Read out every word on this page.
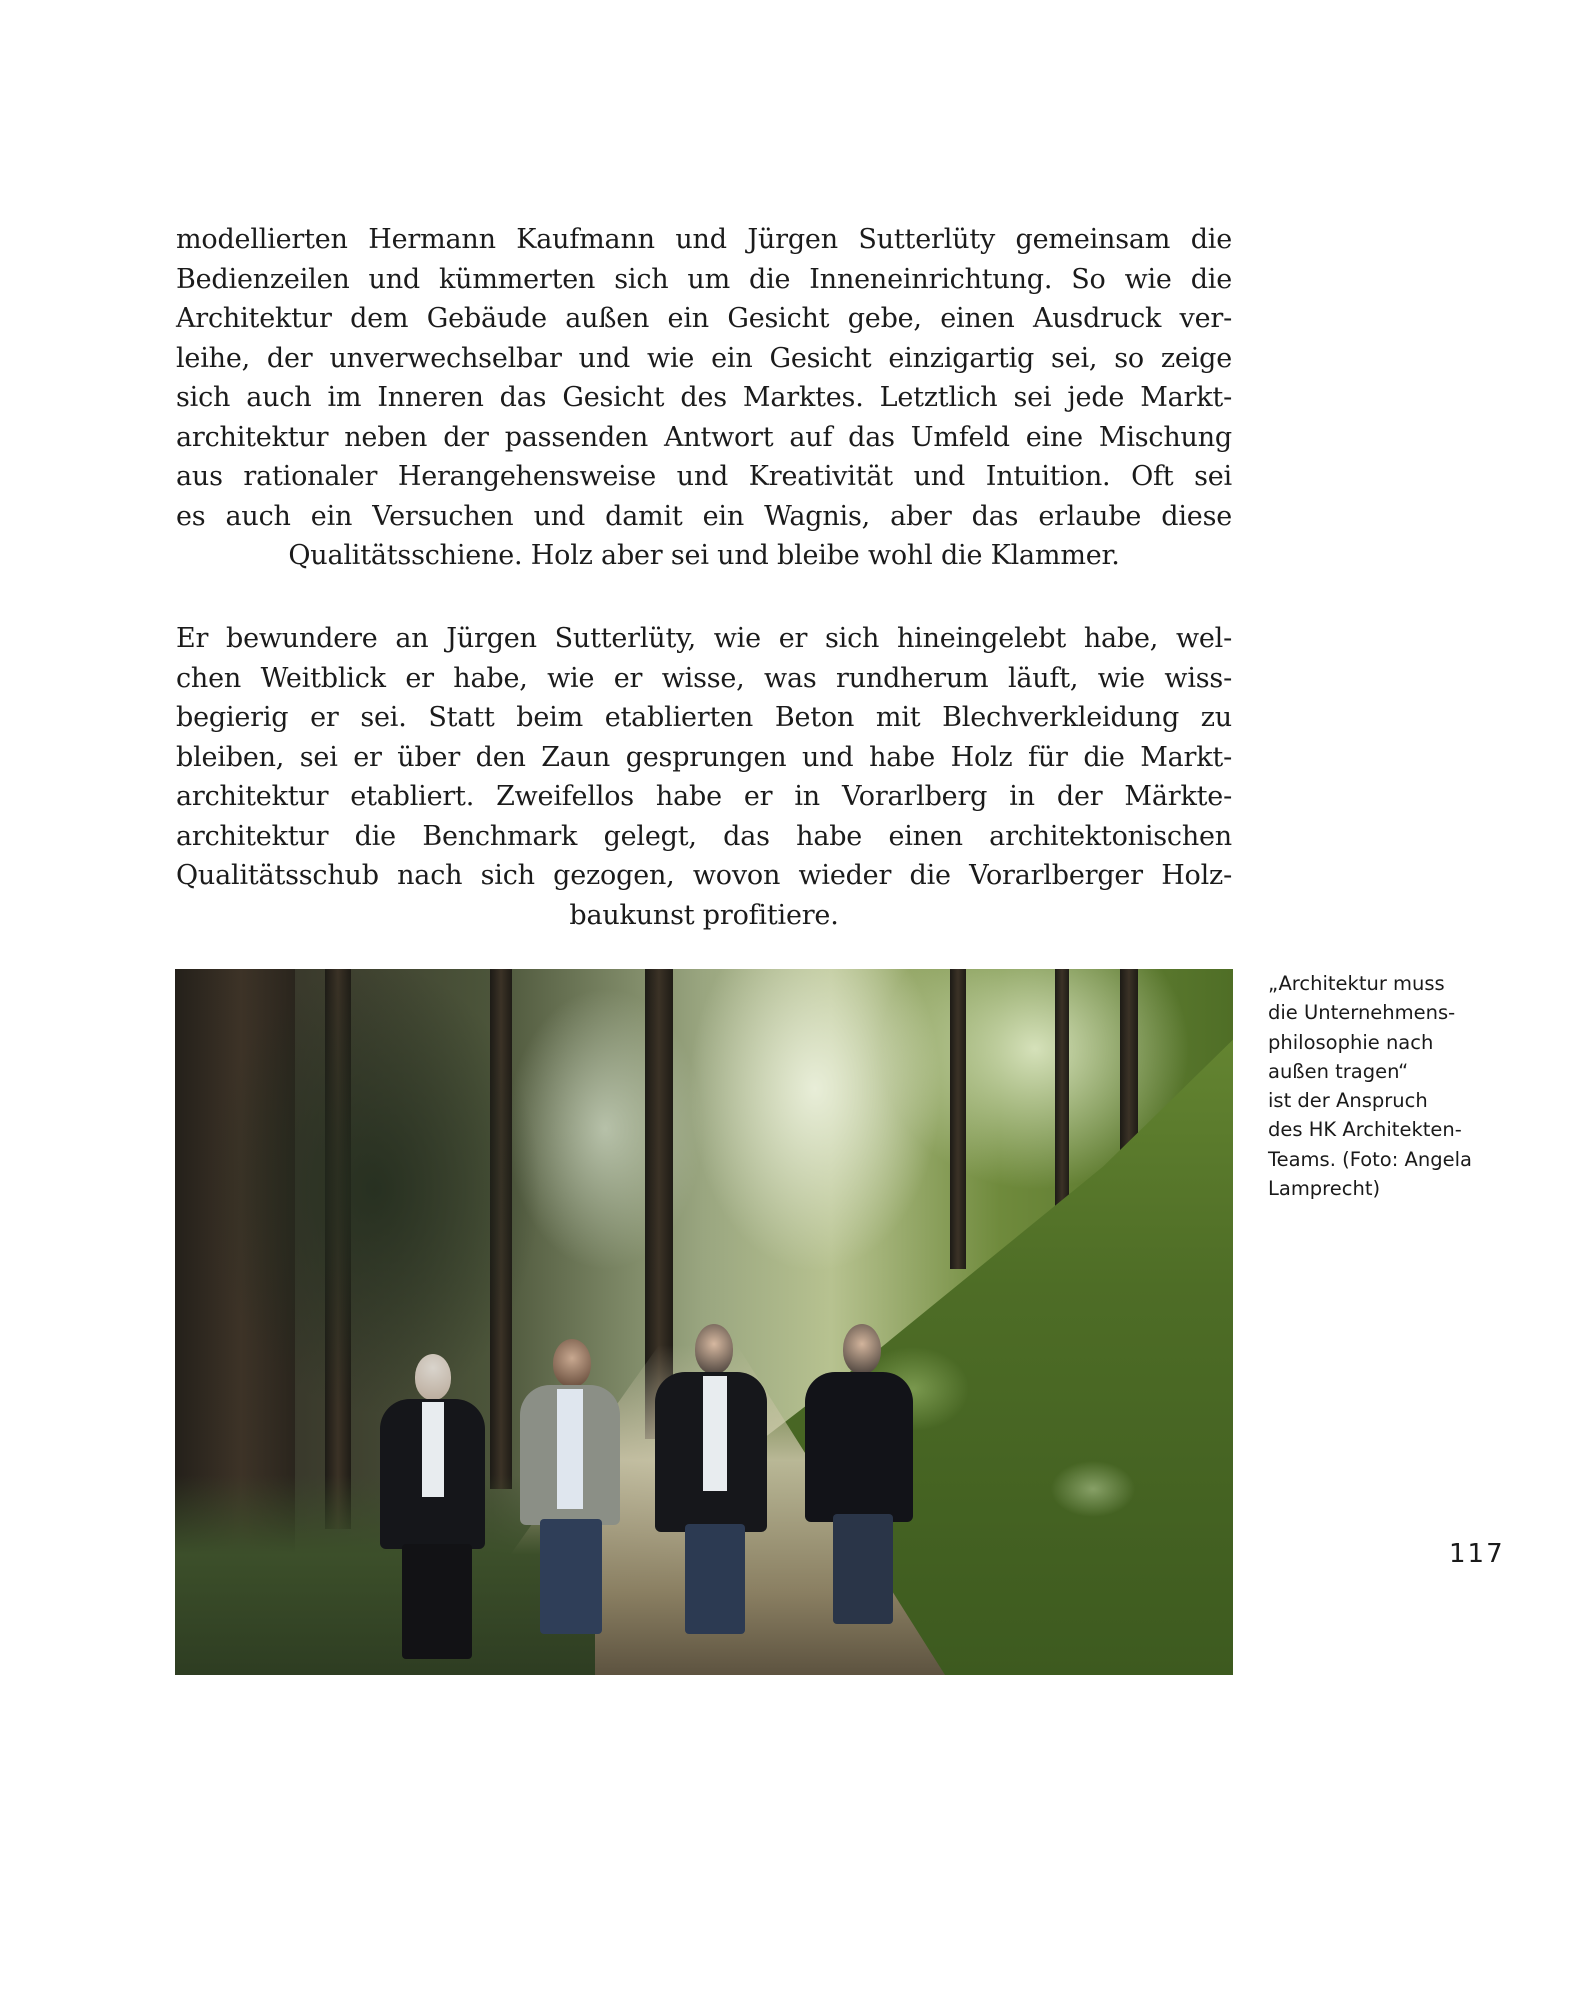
modellierten Hermann Kaufmann und Jürgen Sutterlüty gemeinsam die
Bedienzeilen und kümmerten sich um die Inneneinrichtung. So wie die
Architektur dem Gebäude außen ein Gesicht gebe, einen Ausdruck ver-
leihe, der unverwechselbar und wie ein Gesicht einzigartig sei, so zeige
sich auch im Inneren das Gesicht des Marktes. Letztlich sei jede Markt-
architektur neben der passenden Antwort auf das Umfeld eine Mischung
aus rationaler Herangehensweise und Kreativität und Intuition. Oft sei
es auch ein Versuchen und damit ein Wagnis, aber das erlaube diese
Qualitätsschiene. Holz aber sei und bleibe wohl die Klammer.
Er bewundere an Jürgen Sutterlüty, wie er sich hineingelebt habe, wel-
chen Weitblick er habe, wie er wisse, was rundherum läuft, wie wiss-
begierig er sei. Statt beim etablierten Beton mit Blechverkleidung zu
bleiben, sei er über den Zaun gesprungen und habe Holz für die Markt-
architektur etabliert. Zweifellos habe er in Vorarlberg in der Märkte-
architektur die Benchmark gelegt, das habe einen architektonischen
Qualitätsschub nach sich gezogen, wovon wieder die Vorarlberger Holz-
baukunst profitiere.
„Architektur muss
die Unternehmens-
philosophie nach
außen tragen“
ist der Anspruch
des HK Architekten-
Teams. (Foto: Angela
Lamprecht)
117
